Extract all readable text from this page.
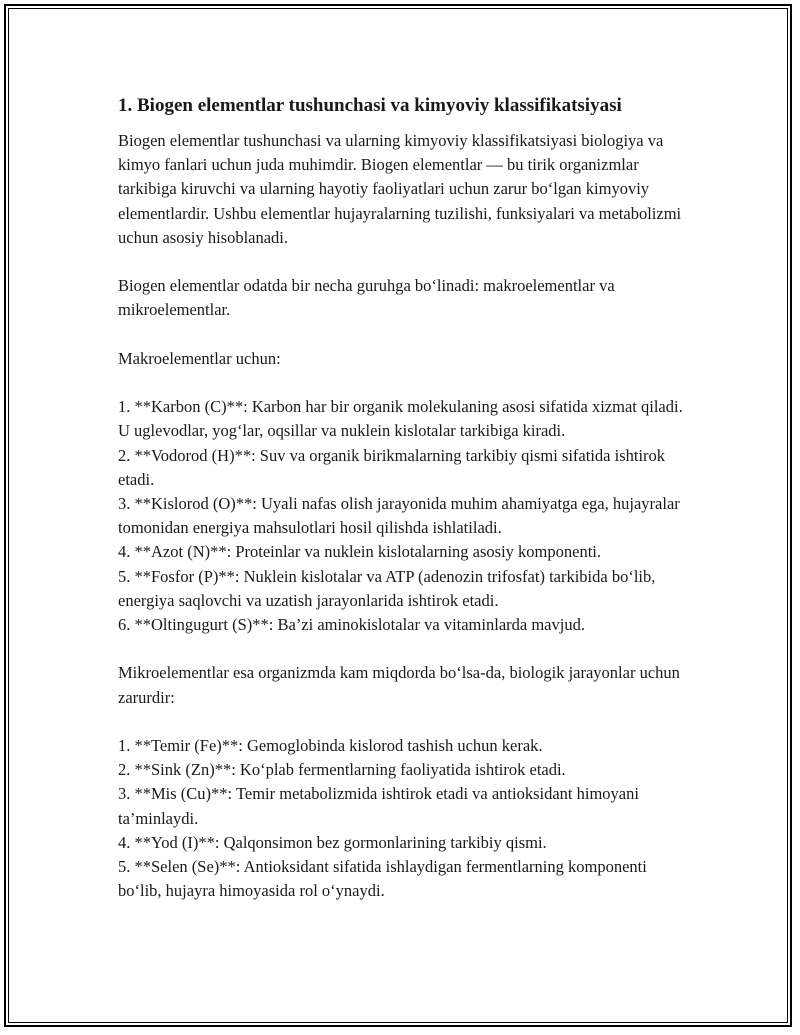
1. Biogen elementlar tushunchasi va kimyoviy klassifikatsiyasi

Biogen elementlar tushunchasi va ularning kimyoviy klassifikatsiyasi biologiya va kimyo fanlari uchun juda muhimdir. Biogen elementlar — bu tirik organizmlar tarkibiga kiruvchi va ularning hayotiy faoliyatlari uchun zarur bo‘lgan kimyoviy elementlardir. Ushbu elementlar hujayralarning tuzilishi, funksiyalari va metabolizmi uchun asosiy hisoblanadi.

Biogen elementlar odatda bir necha guruhga bo‘linadi: makroelementlar va mikroelementlar.

Makroelementlar uchun:

1. **Karbon (C)**: Karbon har bir organik molekulaning asosi sifatida xizmat qiladi. U uglevodlar, yog‘lar, oqsillar va nuklein kislotalar tarkibiga kiradi.
2. **Vodorod (H)**: Suv va organik birikmalarning tarkibiy qismi sifatida ishtirok etadi.
3. **Kislorod (O)**: Uyali nafas olish jarayonida muhim ahamiyatga ega, hujayralar tomonidan energiya mahsulotlari hosil qilishda ishlatiladi.
4. **Azot (N)**: Proteinlar va nuklein kislotalarning asosiy komponenti.
5. **Fosfor (P)**: Nuklein kislotalar va ATP (adenozin trifosfat) tarkibida bo‘lib, energiya saqlovchi va uzatish jarayonlarida ishtirok etadi.
6. **Oltingugurt (S)**: Ba’zi aminokislotalar va vitaminlarda mavjud.

Mikroelementlar esa organizmda kam miqdorda bo‘lsa-da, biologik jarayonlar uchun zarurdir:

1. **Temir (Fe)**: Gemoglobinda kislorod tashish uchun kerak.
2. **Sink (Zn)**: Ko‘plab fermentlarning faoliyatida ishtirok etadi.
3. **Mis (Cu)**: Temir metabolizmida ishtirok etadi va antioksidant himoyani ta’minlaydi.
4. **Yod (I)**: Qalqonsimon bez gormonlarining tarkibiy qismi.
5. **Selen (Se)**: Antioksidant sifatida ishlaydigan fermentlarning komponenti bo‘lib, hujayra himoyasida rol o‘ynaydi.
